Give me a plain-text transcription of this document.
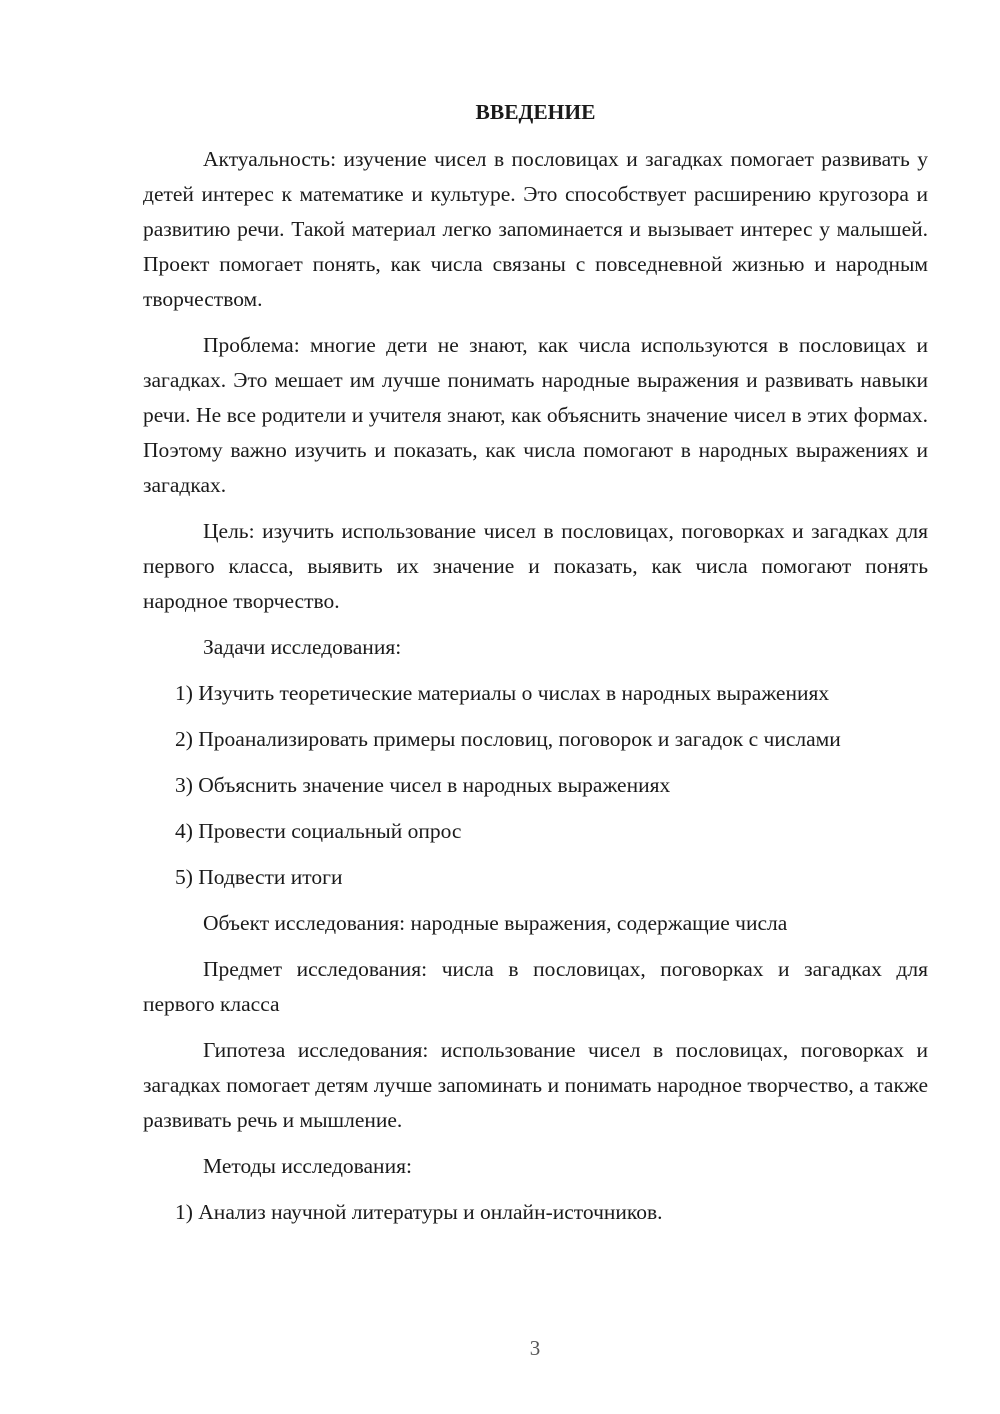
ВВЕДЕНИЕ

Актуальность: изучение чисел в пословицах и загадках помогает развивать у детей интерес к математике и культуре. Это способствует расширению кругозора и развитию речи. Такой материал легко запоминается и вызывает интерес у малышей. Проект помогает понять, как числа связаны с повседневной жизнью и народным творчеством.

Проблема: многие дети не знают, как числа используются в пословицах и загадках. Это мешает им лучше понимать народные выражения и развивать навыки речи. Не все родители и учителя знают, как объяснить значение чисел в этих формах. Поэтому важно изучить и показать, как числа помогают в народных выражениях и загадках.

Цель: изучить использование чисел в пословицах, поговорках и загадках для первого класса, выявить их значение и показать, как числа помогают понять народное творчество.

Задачи исследования:

1) Изучить теоретические материалы о числах в народных выражениях

2) Проанализировать примеры пословиц, поговорок и загадок с числами

3) Объяснить значение чисел в народных выражениях

4) Провести социальный опрос

5) Подвести итоги

Объект исследования: народные выражения, содержащие числа

Предмет исследования: числа в пословицах, поговорках и загадках для первого класса

Гипотеза исследования: использование чисел в пословицах, поговорках и загадках помогает детям лучше запоминать и понимать народное творчество, а также развивать речь и мышление.

Методы исследования:

1) Анализ научной литературы и онлайн-источников.

3
